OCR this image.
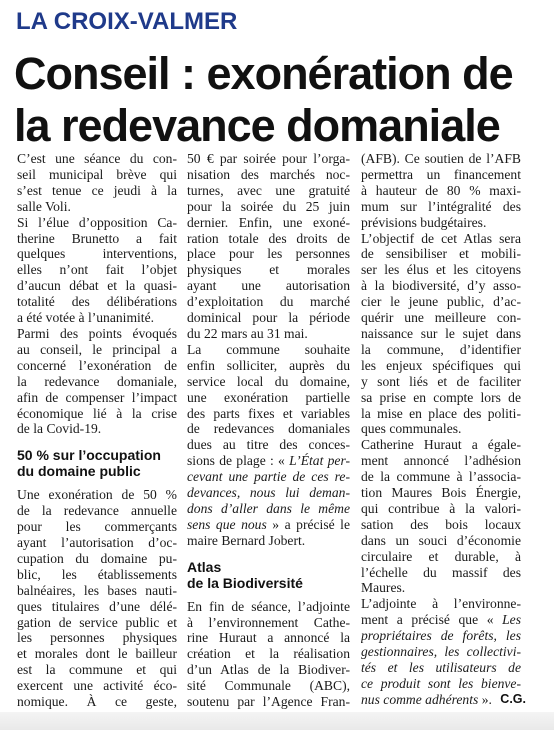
LA CROIX-VALMER
Conseil : exonération de
la redevance domaniale
C’est une séance du con-
seil municipal brève qui
s’est tenue ce jeudi à la
salle Voli.
Si l’élue d’opposition Ca-
therine Brunetto a fait
quelques interventions,
elles n’ont fait l’objet
d’aucun débat et la quasi-
totalité des délibérations
a été votée à l’unanimité.
Parmi des points évoqués
au conseil, le principal a
concerné l’exonération de
la redevance domaniale,
afin de compenser l’impact
économique lié à la crise
de la Covid-19.
50 % sur l’occupation
du domaine public
Une exonération de 50 %
de la redevance annuelle
pour les commerçants
ayant l’autorisation d’oc-
cupation du domaine pu-
blic, les établissements
balnéaires, les bases nauti-
ques titulaires d’une délé-
gation de service public et
les personnes physiques
et morales dont le bailleur
est la commune et qui
exercent une activité éco-
nomique. À ce geste,
50 € par soirée pour l’orga-
nisation des marchés noc-
turnes, avec une gratuité
pour la soirée du 25 juin
dernier. Enfin, une exoné-
ration totale des droits de
place pour les personnes
physiques et morales
ayant une autorisation
d’exploitation du marché
dominical pour la période
du 22 mars au 31 mai.
La commune souhaite
enfin solliciter, auprès du
service local du domaine,
une exonération partielle
des parts fixes et variables
de redevances domaniales
dues au titre des conces-
sions de plage : « L’État per-
cevant une partie de ces re-
devances, nous lui deman-
dons d’aller dans le même
sens que nous » a précisé le
maire Bernard Jobert.
Atlas
de la Biodiversité
En fin de séance, l’adjointe
à l’environnement Cathe-
rine Huraut a annoncé la
création et la réalisation
d’un Atlas de la Biodiver-
sité Communale (ABC),
soutenu par l’Agence Fran-
(AFB). Ce soutien de l’AFB
permettra un financement
à hauteur de 80 % maxi-
mum sur l’intégralité des
prévisions budgétaires.
L’objectif de cet Atlas sera
de sensibiliser et mobili-
ser les élus et les citoyens
à la biodiversité, d’y asso-
cier le jeune public, d’ac-
quérir une meilleure con-
naissance sur le sujet dans
la commune, d’identifier
les enjeux spécifiques qui
y sont liés et de faciliter
sa prise en compte lors de
la mise en place des politi-
ques communales.
Catherine Huraut a égale-
ment annoncé l’adhésion
de la commune à l’associa-
tion Maures Bois Énergie,
qui contribue à la valori-
sation des bois locaux
dans un souci d’économie
circulaire et durable, à
l’échelle du massif des
Maures.
L’adjointe à l’environne-
ment a précisé que « Les
propriétaires de forêts, les
gestionnaires, les collectivi-
tés et les utilisateurs de
ce produit sont les bienve-
nus comme adhérents ». C.G.
